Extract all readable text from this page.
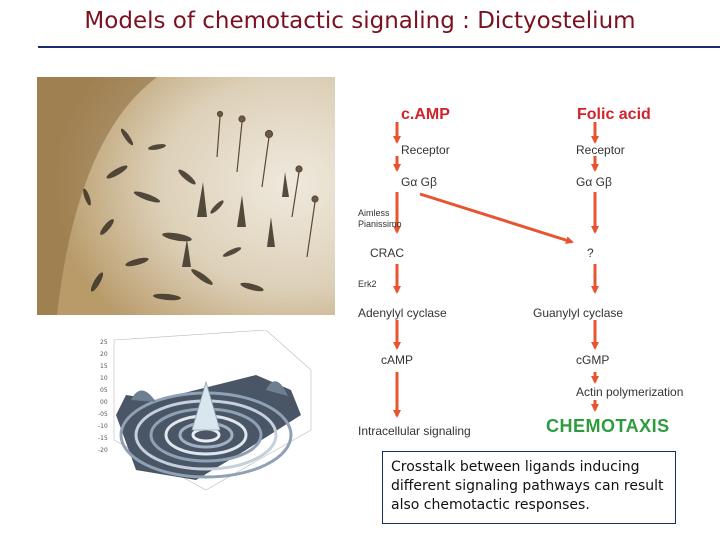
Models of chemotactic signaling : Dictyostelium
25
20
15
10
05
00
-05
-10
-15
-20
c.AMP	Folic acid
Receptor
Gα Gβ
Aimless
Pianissimo
CRAC
Erk2
Adenylyl cyclase
cAMP
Intracellular signaling
Receptor
Gα Gβ
?
Guanylyl cyclase
cGMP
Actin polymerization
CHEMOTAXIS
Crosstalk between ligands inducing different signaling pathways can result also chemotactic responses.
